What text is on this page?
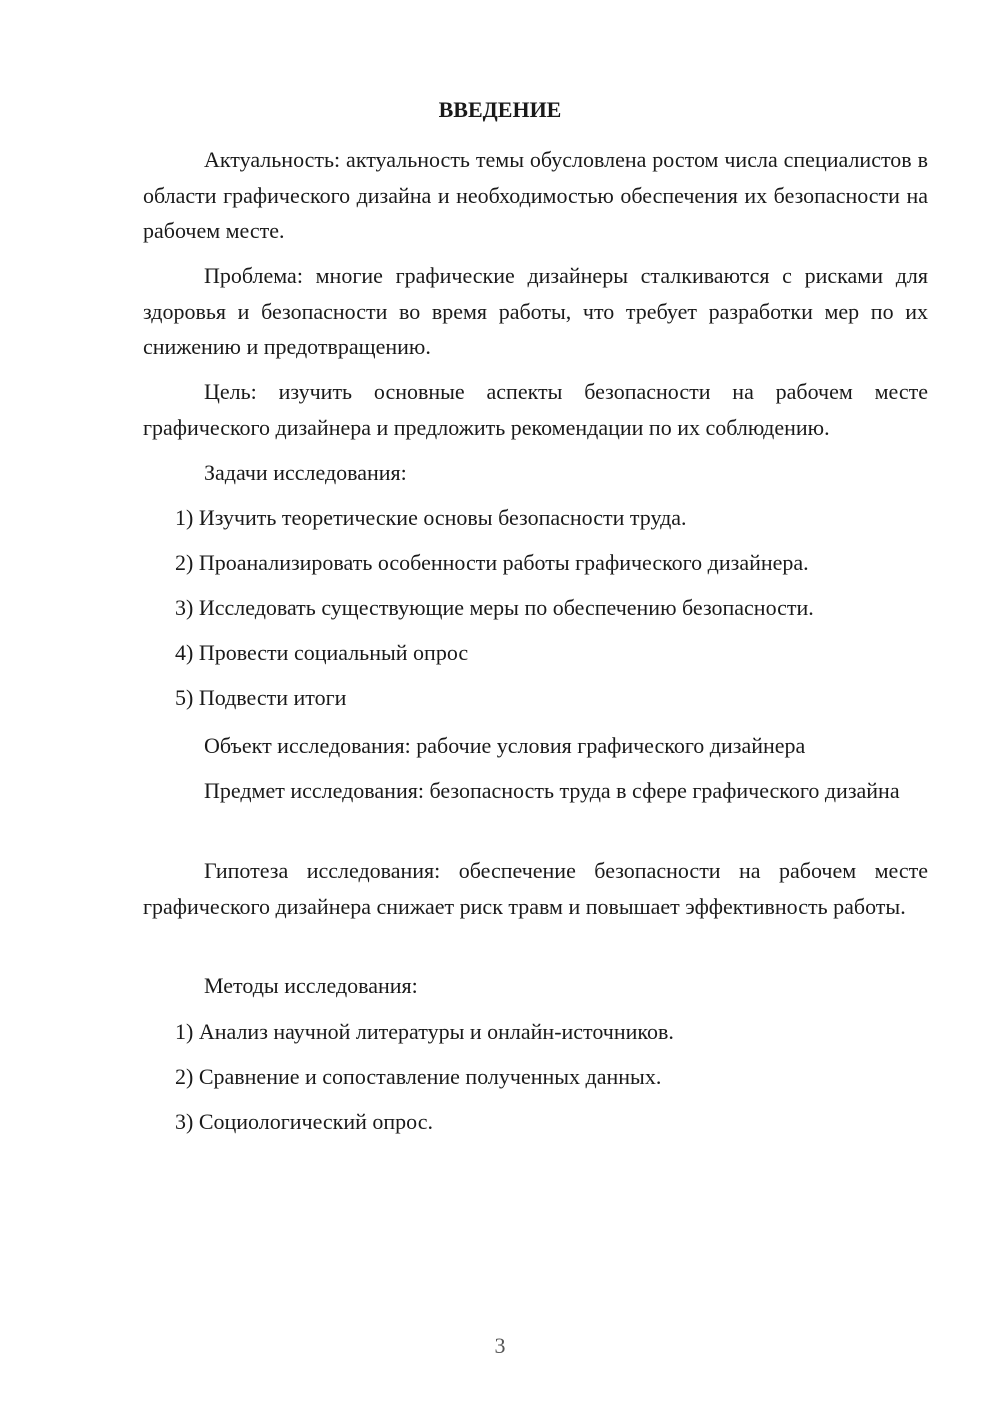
ВВЕДЕНИЕ

Актуальность: актуальность темы обусловлена ростом числа специалистов в области графического дизайна и необходимостью обеспечения их безопасности на рабочем месте.

Проблема: многие графические дизайнеры сталкиваются с рисками для здоровья и безопасности во время работы, что требует разработки мер по их снижению и предотвращению.

Цель: изучить основные аспекты безопасности на рабочем месте графического дизайнера и предложить рекомендации по их соблюдению.

Задачи исследования:

1) Изучить теоретические основы безопасности труда.

2) Проанализировать особенности работы графического дизайнера.

3) Исследовать существующие меры по обеспечению безопасности.

4) Провести социальный опрос

5) Подвести итоги

Объект исследования: рабочие условия графического дизайнера

Предмет исследования: безопасность труда в сфере графического дизайна

Гипотеза исследования: обеспечение безопасности на рабочем месте графического дизайнера снижает риск травм и повышает эффективность работы.

Методы исследования:

1) Анализ научной литературы и онлайн-источников.

2) Сравнение и сопоставление полученных данных.

3) Социологический опрос.

3
